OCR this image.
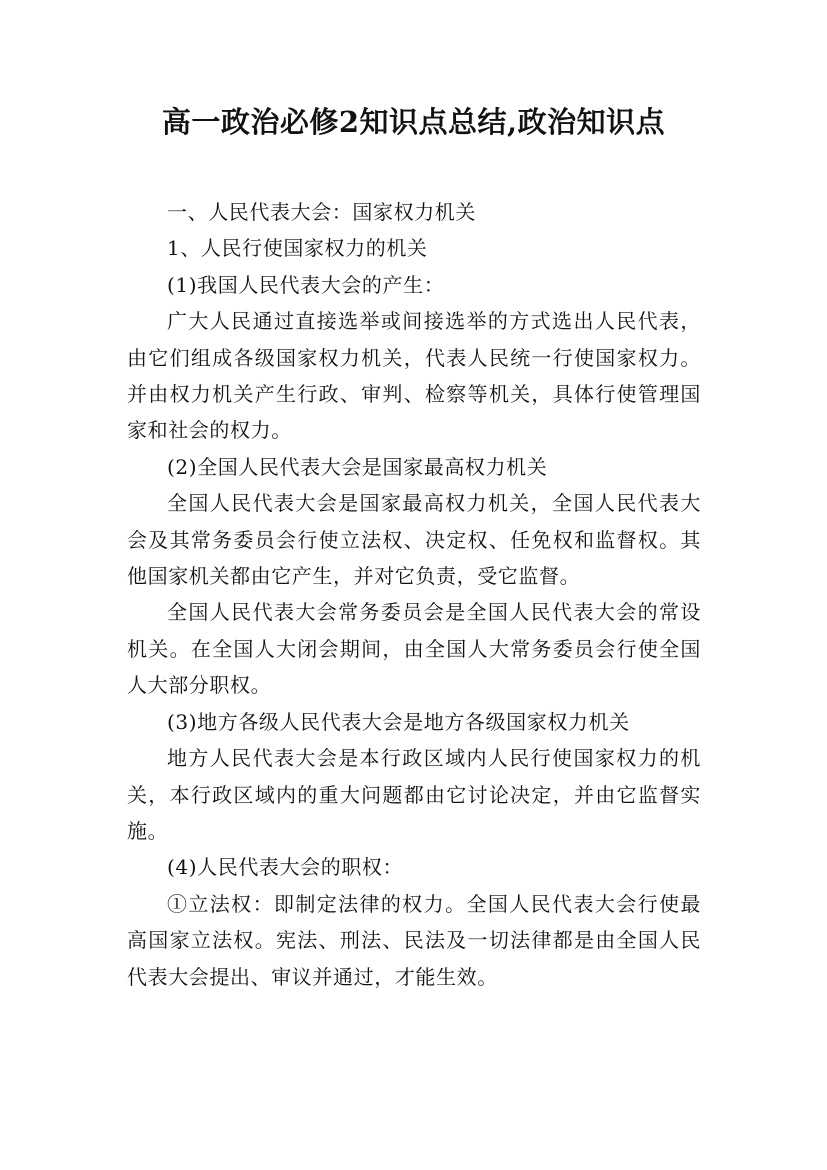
高一政治必修2知识点总结,政治知识点

一、人民代表大会：国家权力机关

1、人民行使国家权力的机关

(1)我国人民代表大会的产生：

广大人民通过直接选举或间接选举的方式选出人民代表，由它们组成各级国家权力机关，代表人民统一行使国家权力。并由权力机关产生行政、审判、检察等机关，具体行使管理国家和社会的权力。

(2)全国人民代表大会是国家最高权力机关

全国人民代表大会是国家最高权力机关，全国人民代表大会及其常务委员会行使立法权、决定权、任免权和监督权。其他国家机关都由它产生，并对它负责，受它监督。

全国人民代表大会常务委员会是全国人民代表大会的常设机关。在全国人大闭会期间，由全国人大常务委员会行使全国人大部分职权。

(3)地方各级人民代表大会是地方各级国家权力机关

地方人民代表大会是本行政区域内人民行使国家权力的机关，本行政区域内的重大问题都由它讨论决定，并由它监督实施。

(4)人民代表大会的职权：

①立法权：即制定法律的权力。全国人民代表大会行使最高国家立法权。宪法、刑法、民法及一切法律都是由全国人民代表大会提出、审议并通过，才能生效。
